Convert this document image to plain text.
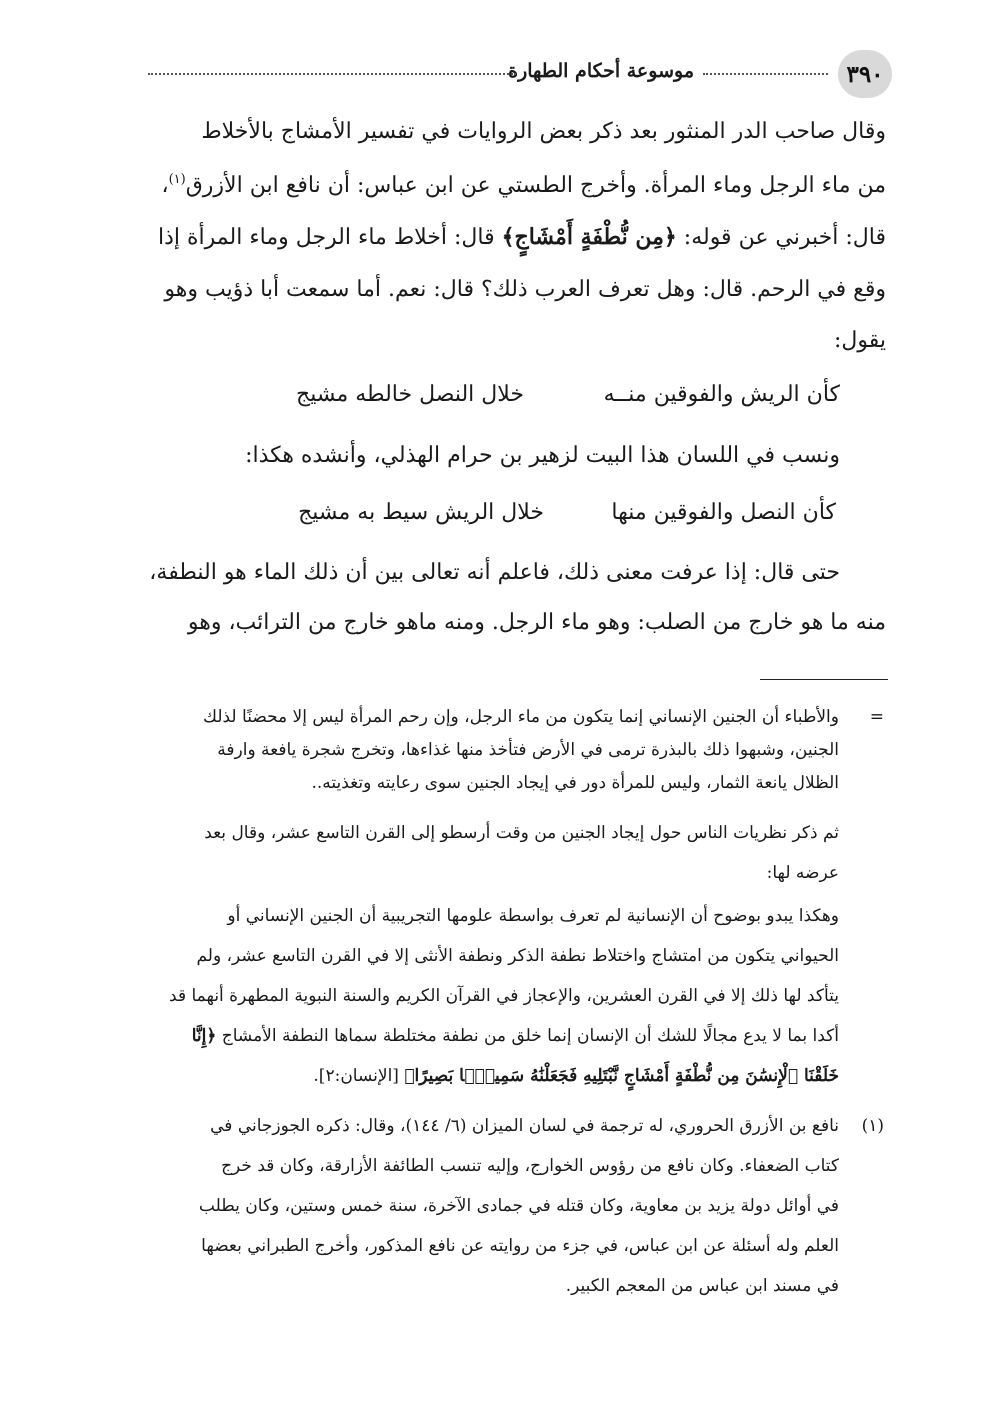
٣٩٠
موسوعة أحكام الطهارة
وقال صاحب الدر المنثور بعد ذكر بعض الروايات في تفسير الأمشاج بالأخلاط
من ماء الرجل وماء المرأة. وأخرج الطستي عن ابن عباس: أن نافع ابن الأزرق$^{(١)}$،
قال: أخبرني عن قوله: ﴿مِن نُّطْفَةٍ أَمْشَاجٍ﴾ قال: أخلاط ماء الرجل وماء المرأة إذا
وقع في الرحم. قال: وهل تعرف العرب ذلك؟ قال: نعم. أما سمعت أبا ذؤيب وهو
يقول:
كأن الريش والفوقين منــه
خلال النصل خالطه مشيج
ونسب في اللسان هذا البيت لزهير بن حرام الهذلي، وأنشده هكذا:
كأن النصل والفوقين منها
خلال الريش سيط به مشيج
حتى قال: إذا عرفت معنى ذلك، فاعلم أنه تعالى بين أن ذلك الماء هو النطفة،
منه ما هو خارج من الصلب: وهو ماء الرجل. ومنه ماهو خارج من الترائب، وهو
=
والأطباء أن الجنين الإنساني إنما يتكون من ماء الرجل، وإن رحم المرأة ليس إلا محضنًا لذلك
الجنين، وشبهوا ذلك بالبذرة ترمى في الأرض فتأخذ منها غذاءها، وتخرج شجرة يافعة وارفة
الظلال يانعة الثمار، وليس للمرأة دور في إيجاد الجنين سوى رعايته وتغذيته..
ثم ذكر نظريات الناس حول إيجاد الجنين من وقت أرسطو إلى القرن التاسع عشر، وقال بعد
عرضه لها:
وهكذا يبدو بوضوح أن الإنسانية لم تعرف بواسطة علومها التجريبية أن الجنين الإنساني أو
الحيواني يتكون من امتشاج واختلاط نطفة الذكر ونطفة الأنثى إلا في القرن التاسع عشر، ولم
يتأكد لها ذلك إلا في القرن العشرين، والإعجاز في القرآن الكريم والسنة النبوية المطهرة أنهما قد
أكدا بما لا يدع مجالًا للشك أن الإنسان إنما خلق من نطفة مختلطة سماها النطفة الأمشاج ﴿إِنَّا
خَلَقْنَا ٱلْإِنسَٰنَ مِن نُّطْفَةٍ أَمْشَاجٍ نَّبْتَلِيهِ فَجَعَلْنَٰهُ سَمِيعًۢا بَصِيرًا﴾ [الإنسان:٢].
(١)
نافع بن الأزرق الحروري، له ترجمة في لسان الميزان (٦/ ١٤٤)، وقال: ذكره الجوزجاني في
كتاب الضعفاء. وكان نافع من رؤوس الخوارج، وإليه تنسب الطائفة الأزارقة، وكان قد خرج
في أوائل دولة يزيد بن معاوية، وكان قتله في جمادى الآخرة، سنة خمس وستين، وكان يطلب
العلم وله أسئلة عن ابن عباس، في جزء من روايته عن نافع المذكور، وأخرج الطبراني بعضها
في مسند ابن عباس من المعجم الكبير.
